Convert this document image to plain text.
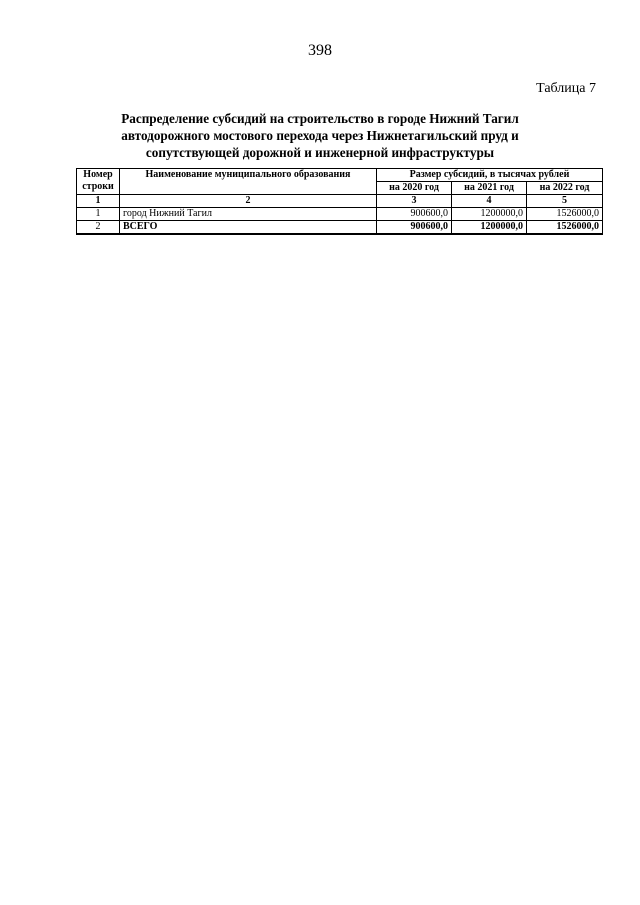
398
Таблица 7
Распределение субсидий на строительство в городе Нижний Тагил
автодорожного мостового перехода через Нижнетагильский пруд и
сопутствующей дорожной и инженерной инфраструктуры
Номер
строки	Наименование муниципального образования	Размер субсидий, в тысячах рублей		
		на 2020 год	на 2021 год	на 2022 год
1	2	3	4	5
1	город Нижний Тагил	900600,0	1200000,0	1526000,0
2	ВСЕГО	900600,0	1200000,0	1526000,0
